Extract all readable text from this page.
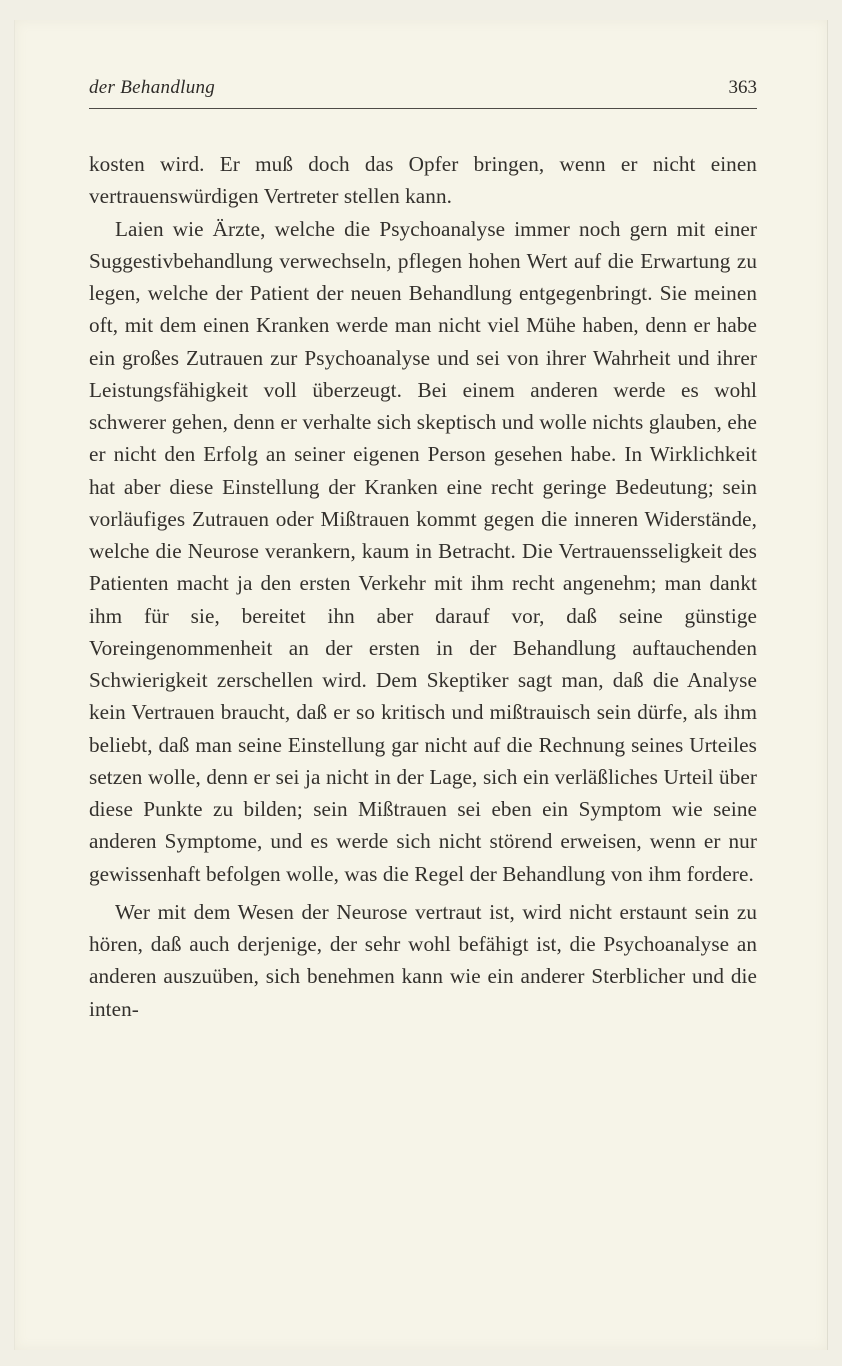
der Behandlung	363

kosten wird. Er muß doch das Opfer bringen, wenn er nicht einen vertrauenswürdigen Vertreter stellen kann.

Laien wie Ärzte, welche die Psychoanalyse immer noch gern mit einer Suggestivbehandlung verwechseln, pflegen hohen Wert auf die Erwartung zu legen, welche der Patient der neuen Behandlung entgegenbringt. Sie meinen oft, mit dem einen Kranken werde man nicht viel Mühe haben, denn er habe ein großes Zutrauen zur Psychoanalyse und sei von ihrer Wahrheit und ihrer Leistungsfähigkeit voll überzeugt. Bei einem anderen werde es wohl schwerer gehen, denn er verhalte sich skeptisch und wolle nichts glauben, ehe er nicht den Erfolg an seiner eigenen Person gesehen habe. In Wirklichkeit hat aber diese Einstellung der Kranken eine recht geringe Bedeutung; sein vorläufiges Zutrauen oder Mißtrauen kommt gegen die inneren Widerstände, welche die Neurose verankern, kaum in Betracht. Die Vertrauensseligkeit des Patienten macht ja den ersten Verkehr mit ihm recht angenehm; man dankt ihm für sie, bereitet ihn aber darauf vor, daß seine günstige Voreingenommenheit an der ersten in der Behandlung auftauchenden Schwierigkeit zerschellen wird. Dem Skeptiker sagt man, daß die Analyse kein Vertrauen braucht, daß er so kritisch und mißtrauisch sein dürfe, als ihm beliebt, daß man seine Einstellung gar nicht auf die Rechnung seines Urteiles setzen wolle, denn er sei ja nicht in der Lage, sich ein verläßliches Urteil über diese Punkte zu bilden; sein Mißtrauen sei eben ein Symptom wie seine anderen Symptome, und es werde sich nicht störend erweisen, wenn er nur gewissenhaft befolgen wolle, was die Regel der Behandlung von ihm fordere.

Wer mit dem Wesen der Neurose vertraut ist, wird nicht erstaunt sein zu hören, daß auch derjenige, der sehr wohl befähigt ist, die Psychoanalyse an anderen auszuüben, sich benehmen kann wie ein anderer Sterblicher und die inten-
